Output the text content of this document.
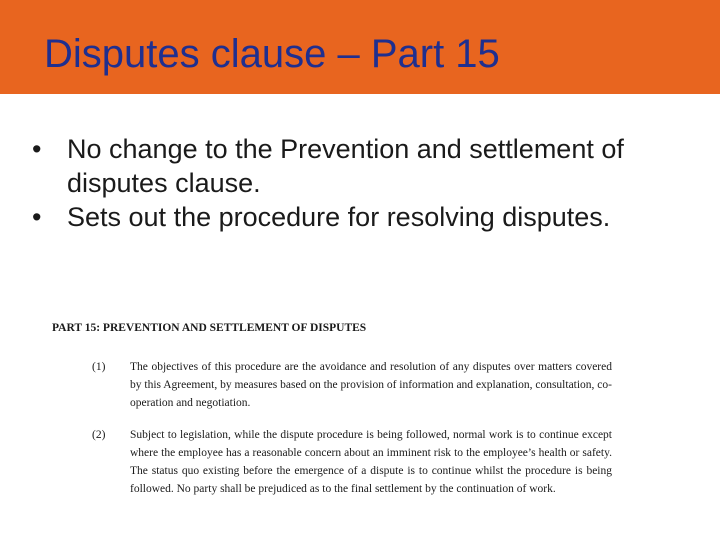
Disputes clause – Part 15
• No change to the Prevention and settlement of disputes clause.
• Sets out the procedure for resolving disputes.
PART 15: PREVENTION AND SETTLEMENT OF DISPUTES
(1) The objectives of this procedure are the avoidance and resolution of any disputes over matters covered by this Agreement, by measures based on the provision of information and explanation, consultation, co-operation and negotiation.
(2) Subject to legislation, while the dispute procedure is being followed, normal work is to continue except where the employee has a reasonable concern about an imminent risk to the employee’s health or safety. The status quo existing before the emergence of a dispute is to continue whilst the procedure is being followed. No party shall be prejudiced as to the final settlement by the continuation of work.
